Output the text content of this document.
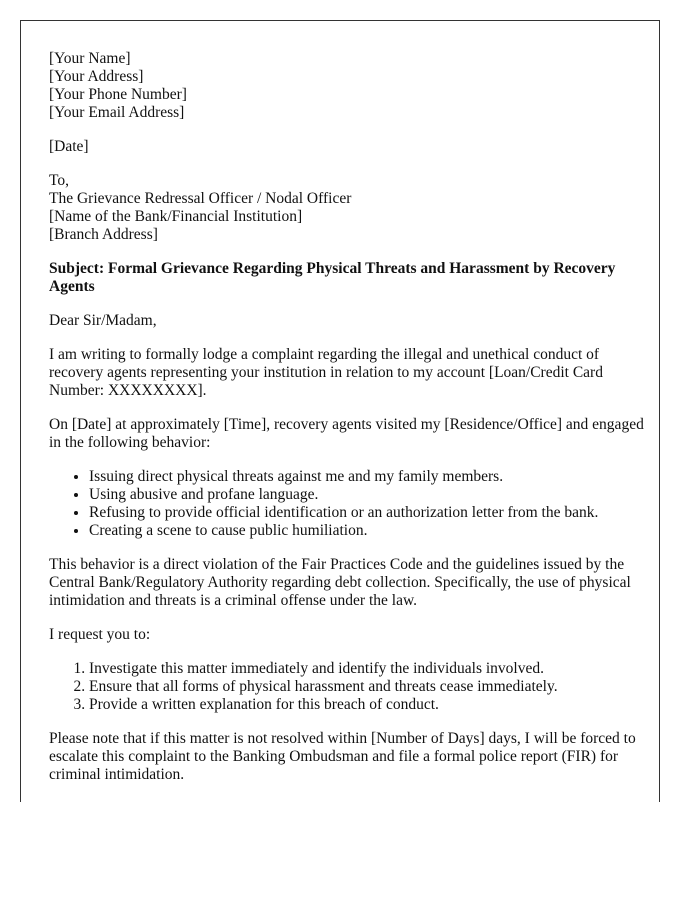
[Your Name]
[Your Address]
[Your Phone Number]
[Your Email Address]
[Date]
To,
The Grievance Redressal Officer / Nodal Officer
[Name of the Bank/Financial Institution]
[Branch Address]
Subject: Formal Grievance Regarding Physical Threats and Harassment by Recovery Agents

Dear Sir/Madam,

I am writing to formally lodge a complaint regarding the illegal and unethical conduct of recovery agents representing your institution in relation to my account [Loan/Credit Card Number: XXXXXXXX].

On [Date] at approximately [Time], recovery agents visited my [Residence/Office] and engaged in the following behavior:

• Issuing direct physical threats against me and my family members.
• Using abusive and profane language.
• Refusing to provide official identification or an authorization letter from the bank.
• Creating a scene to cause public humiliation.

This behavior is a direct violation of the Fair Practices Code and the guidelines issued by the Central Bank/Regulatory Authority regarding debt collection. Specifically, the use of physical intimidation and threats is a criminal offense under the law.

I request you to:

1. Investigate this matter immediately and identify the individuals involved.
2. Ensure that all forms of physical harassment and threats cease immediately.
3. Provide a written explanation for this breach of conduct.

Please note that if this matter is not resolved within [Number of Days] days, I will be forced to escalate this complaint to the Banking Ombudsman and file a formal police report (FIR) for criminal intimidation.
